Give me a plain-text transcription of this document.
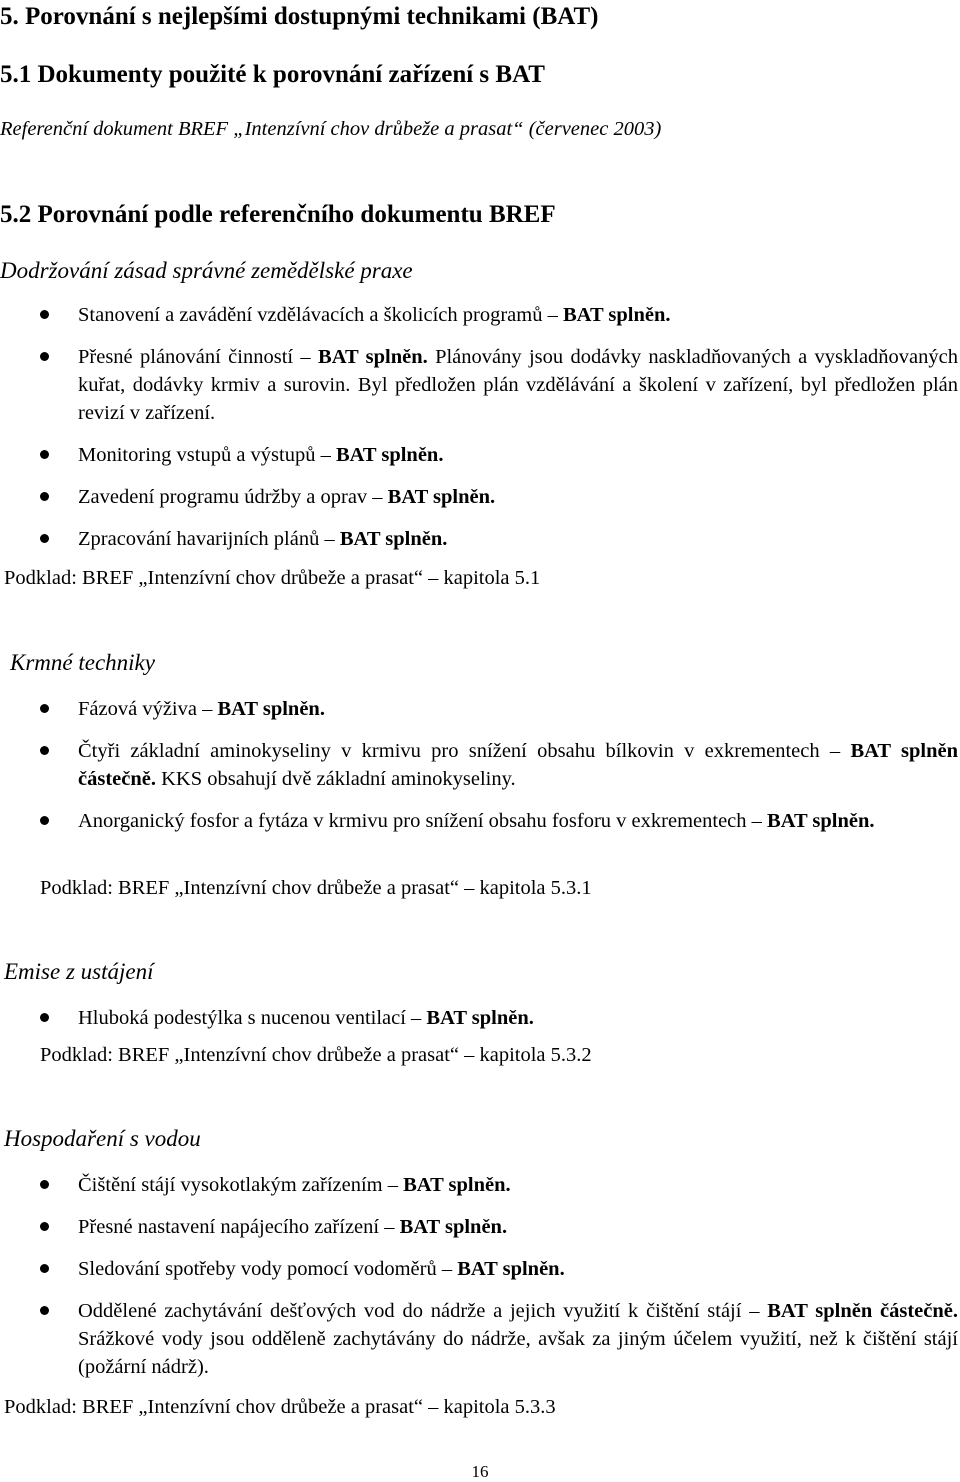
5. Porovnání s nejlepšími dostupnými technikami (BAT)
5.1 Dokumenty použité k porovnání zařízení s BAT
Referenční dokument BREF „Intenzívní chov drůbeže a prasat“ (červenec 2003)
5.2 Porovnání podle referenčního dokumentu BREF
Dodržování zásad správné zemědělské praxe
Stanovení a zavádění vzdělávacích a školicích programů – BAT splněn.
Přesné plánování činností – BAT splněn. Plánovány jsou dodávky naskladňovaných a vyskladňovaných kuřat, dodávky krmiv a surovin. Byl předložen plán vzdělávání a školení v zařízení, byl předložen plán revizí v zařízení.
Monitoring vstupů a výstupů – BAT splněn.
Zavedení programu údržby a oprav – BAT splněn.
Zpracování havarijních plánů – BAT splněn.
Podklad: BREF „Intenzívní chov drůbeže a prasat“ – kapitola 5.1
Krmné techniky
Fázová výživa – BAT splněn.
Čtyři základní aminokyseliny v krmivu pro snížení obsahu bílkovin v exkrementech – BAT splněn částečně. KKS obsahují dvě základní aminokyseliny.
Anorganický fosfor a fytáza v krmivu pro snížení obsahu fosforu v exkrementech – BAT splněn.
Podklad: BREF „Intenzívní chov drůbeže a prasat“ – kapitola 5.3.1
Emise z ustájení
Hluboká podestýlka s nucenou ventilací – BAT splněn.
Podklad: BREF „Intenzívní chov drůbeže a prasat“ – kapitola 5.3.2
Hospodaření s vodou
Čištění stájí vysokotlakým zařízením – BAT splněn.
Přesné nastavení napájecího zařízení – BAT splněn.
Sledování spotřeby vody pomocí vodoměrů – BAT splněn.
Oddělené zachytávání dešťových vod do nádrže a jejich využití k čištění stájí – BAT splněn částečně. Srážkové vody jsou odděleně zachytávány do nádrže, avšak za jiným účelem využití, než k čištění stájí (požární nádrž).
Podklad: BREF „Intenzívní chov drůbeže a prasat“ – kapitola 5.3.3
16
